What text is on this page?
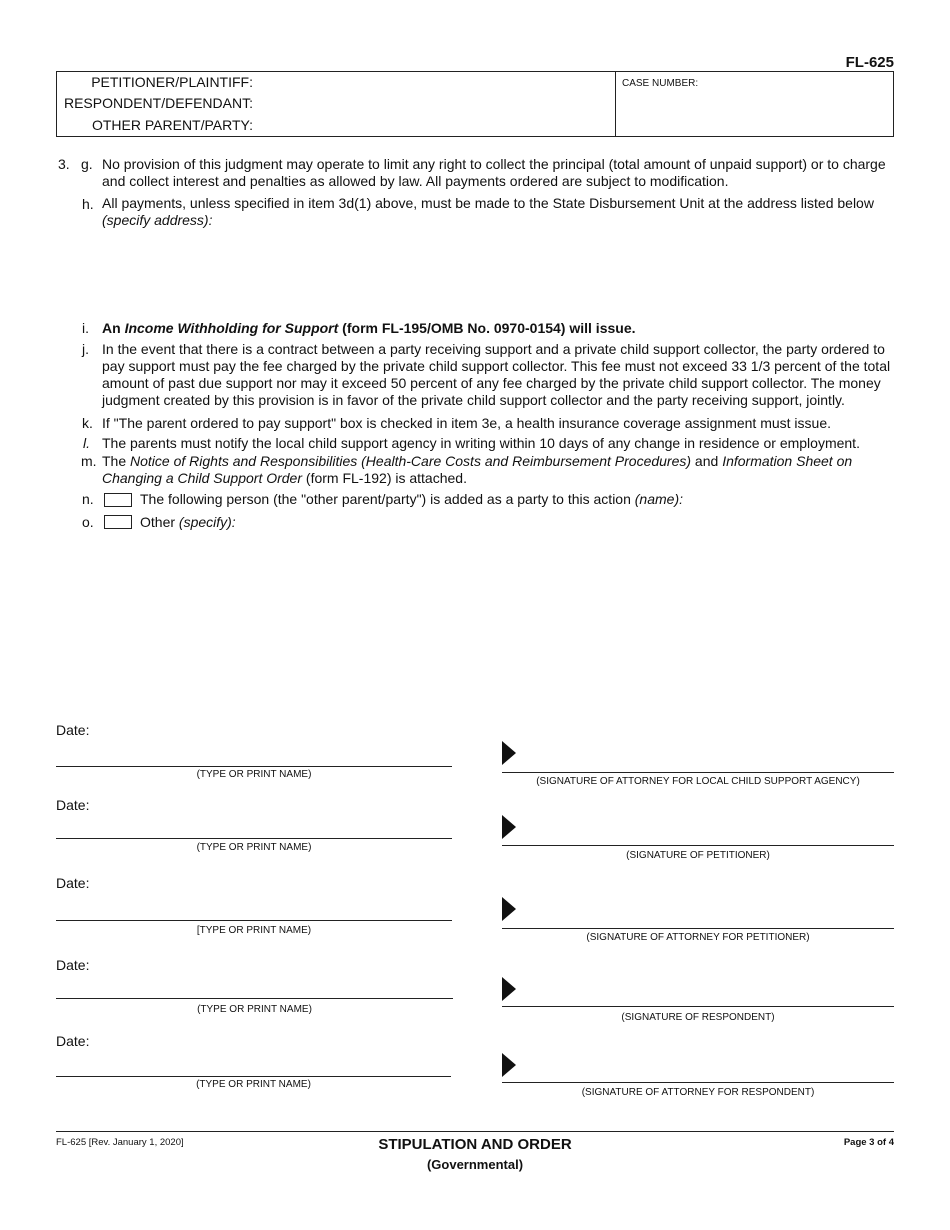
FL-625
PETITIONER/PLAINTIFF:
RESPONDENT/DEFENDANT:
OTHER PARENT/PARTY:
CASE NUMBER:
3. g. No provision of this judgment may operate to limit any right to collect the principal (total amount of unpaid support) or to charge and collect interest and penalties as allowed by law. All payments ordered are subject to modification.
h. All payments, unless specified in item 3d(1) above, must be made to the State Disbursement Unit at the address listed below (specify address):
i. An Income Withholding for Support (form FL-195/OMB No. 0970-0154) will issue.
j. In the event that there is a contract between a party receiving support and a private child support collector, the party ordered to pay support must pay the fee charged by the private child support collector. This fee must not exceed 33 1/3 percent of the total amount of past due support nor may it exceed 50 percent of any fee charged by the private child support collector. The money judgment created by this provision is in favor of the private child support collector and the party receiving support, jointly.
k. If "The parent ordered to pay support" box is checked in item 3e, a health insurance coverage assignment must issue.
l. The parents must notify the local child support agency in writing within 10 days of any change in residence or employment.
m. The Notice of Rights and Responsibilities (Health-Care Costs and Reimbursement Procedures) and Information Sheet on Changing a Child Support Order (form FL-192) is attached.
n.	The following person (the "other parent/party") is added as a party to this action (name):
o.	Other (specify):
Date:
(TYPE OR PRINT NAME)
(SIGNATURE OF ATTORNEY FOR LOCAL CHILD SUPPORT AGENCY)
Date:
(TYPE OR PRINT NAME)
(SIGNATURE OF PETITIONER)
Date:
[TYPE OR PRINT NAME)
(SIGNATURE OF ATTORNEY FOR PETITIONER)
Date:
(TYPE OR PRINT NAME)
(SIGNATURE OF RESPONDENT)
Date:
(TYPE OR PRINT NAME)
(SIGNATURE OF ATTORNEY FOR RESPONDENT)
FL-625 [Rev. January 1, 2020]	STIPULATION AND ORDER
(Governmental)
Page 3 of 4
